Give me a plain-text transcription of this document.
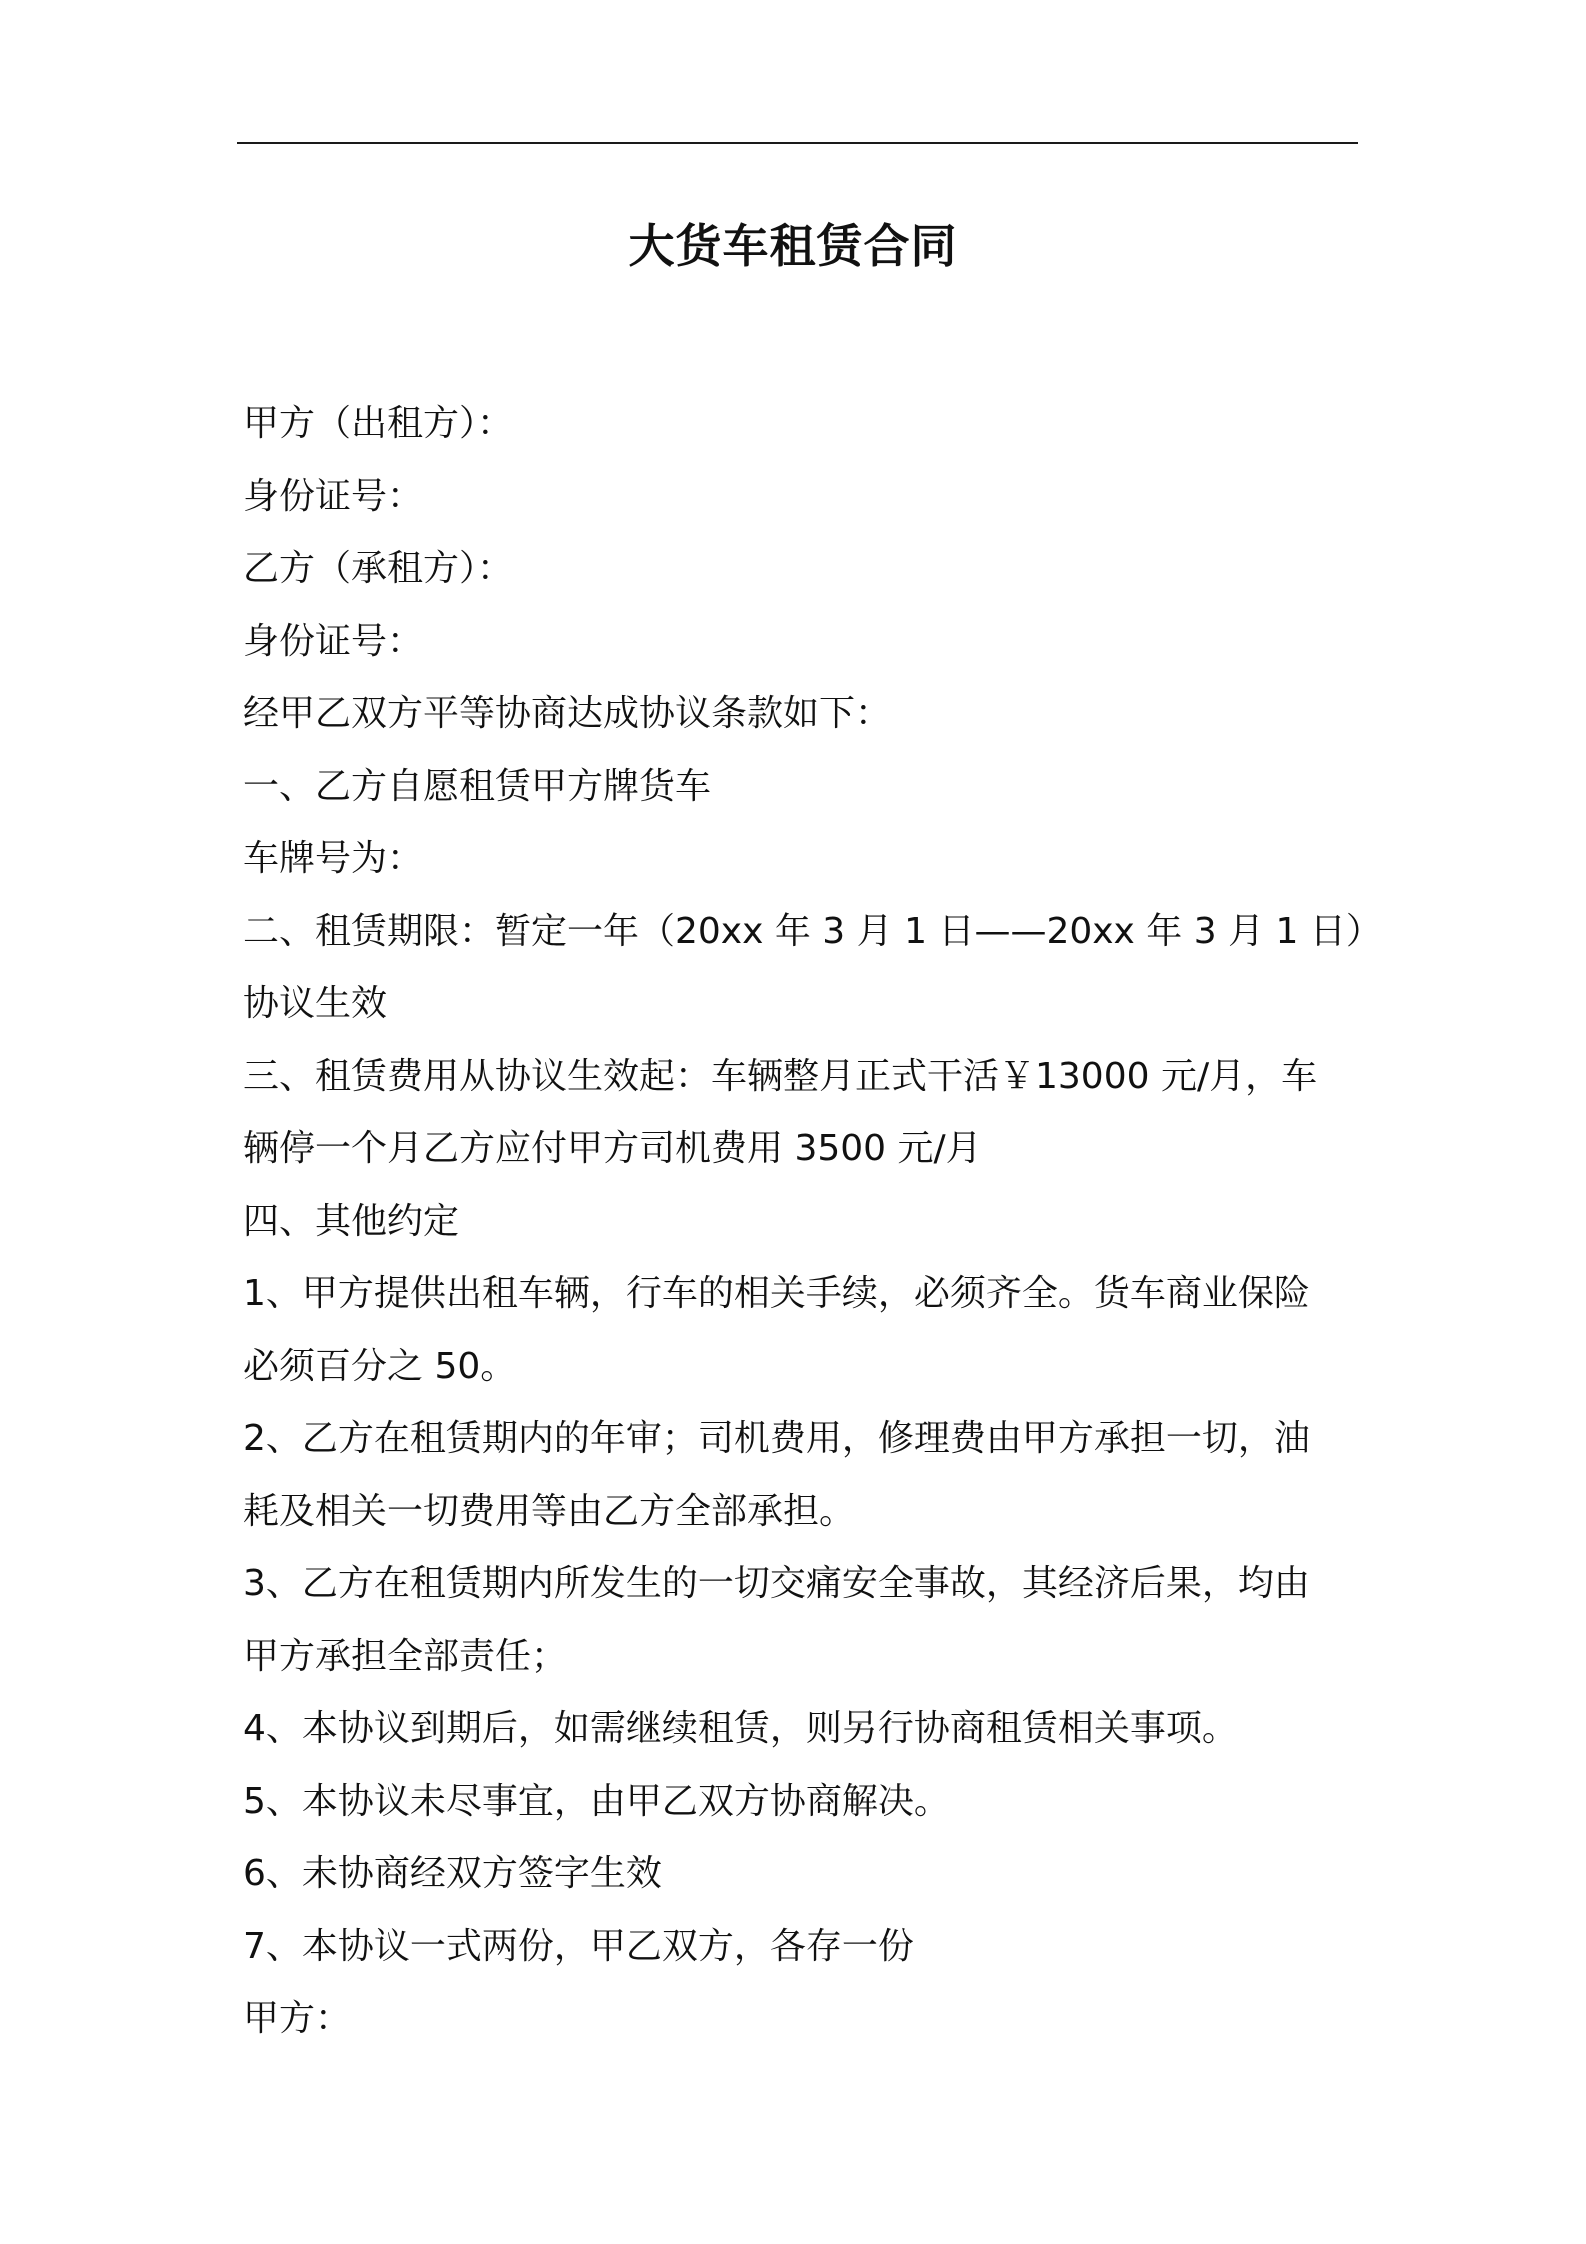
大货车租赁合同
甲方（出租方）：
身份证号：
乙方（承租方）：
身份证号：
经甲乙双方平等协商达成协议条款如下：
一、乙方自愿租赁甲方牌货车
车牌号为：
二、租赁期限：暂定一年（20xx 年 3 月 1 日——20xx 年 3 月 1 日）
协议生效
三、租赁费用从协议生效起：车辆整月正式干活￥13000 元/月，车
辆停一个月乙方应付甲方司机费用 3500 元/月
四、其他约定
1、甲方提供出租车辆，行车的相关手续，必须齐全。货车商业保险
必须百分之 50。
2、乙方在租赁期内的年审；司机费用，修理费由甲方承担一切，油
耗及相关一切费用等由乙方全部承担。
3、乙方在租赁期内所发生的一切交痛安全事故，其经济后果，均由
甲方承担全部责任；
4、本协议到期后，如需继续租赁，则另行协商租赁相关事项。
5、本协议未尽事宜，由甲乙双方协商解决。
6、未协商经双方签字生效
7、本协议一式两份，甲乙双方，各存一份
甲方：
